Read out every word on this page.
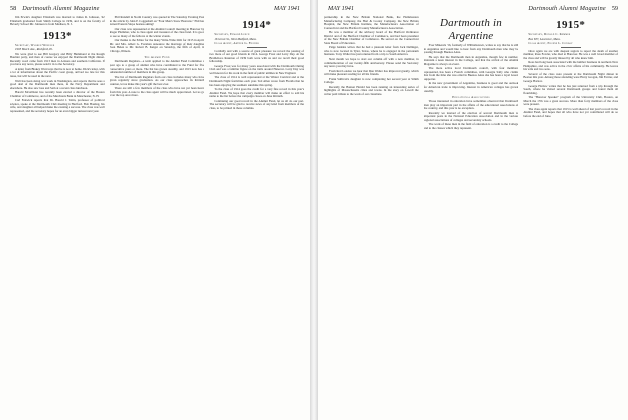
58 Dartmouth Alumni Magazine	MAY 1941

Jim Erwin's daughter Elizabeth was married to James R. Johnson, '42 Elizabeth graduated from Smith College in 1939, and is on the faculty of Beverly School Mr. Johnson is from Madison, N. J.

1913*

Secretary, Warren Wheeler

1903 Beech Ave., Rockford, Ill.

We were glad to see Bill Gregory and Billy Hammond at the Rough Boulder party, and then of course we enjoyed the Dartmouth Night dinner. Recently word came from 1913 men in Arizona and southern California. If you have any news, please send it in to the Secretary.

A letter from Blakey Ward says that he is now at home. Dick's letter, with a lot of information about the Pacific coast group, arrived too late for this issue, but will be used in the next.

Walt has been doing war work in Washington, and reports that he sees a good deal of the Dartmouth men there, in the Navy Department and elsewhere. He also saw Gus and Sam at a recent class luncheon.

Harold McAllister has recently been elected a director of the Boston Chamber of Commerce, and of the Merchants Bank in Manchester, N. H.

Carl Fenwick reports that Dr. Harold J. Tobin, professor of political science, spoke at the Dartmouth Club meeting in Hartford. Bob Hasting, his wife, and daughter all helped make the evening a success. The class was well represented, and the secretary hopes for an even bigger turnout next year.

Phil Randall in North Country was quoted in The Saturday Evening Post in the article by John P. Coggeshall on "Four Men's Snow Heavens." Phil has turned Eastern Slope hostess-skiing!

Our class was represented at the Alumni Council meeting in Hanover by Roger Plummer, who is class agent and treasurer of the class fund. It is good to see so many of the fellows at the winter events.

Our thanks to the Editor for the many Write-Wide-Web for 1915 in April. Mr. and Mrs. Albert G. Forsman announce the marriage of their daughter Joan Helen to Mr. Robert B. Keiger on Saturday, the fifth of April, in Chicago, Illinois.

The Alumni Fund

Dartmouth Regulars—a term applied to the Alumni Fund Committee a year ago to a group of alumni who have contributed to the Fund for five consecutive years or more. The list has grown steadily, and 1913 now has a substantial number of members in this group.

The list of Dartmouth Regulars from our class includes many who have given regularly since graduation. As our class approaches its thirtieth reunion, let us make this year's gift the best ever.

There are still a few members of the class who have not yet been heard from this year. A note to the class agent will be much appreciated. Let us go over the top once more.

1914*

Secretary, Edward Leech

16 Grove St., West Medford, Mass.

Class Agent, Arthur G. Fiecher

Cordially and with a source of great pleasure we record the passing of two more of our good friends in 1914. George Frost and Larry Day. At the Brattleboro Reunion of 1939 both were with us and we recall their good fellowship.

George Frost was for many years associated with the Dartmouth Outing Club and was a familiar figure on the trails around Hanover. Larry Day was well known for his work in the field of public utilities in New England.

The class of 1914 is well represented at the Winter Carnival and at the Dartmouth Night festivities each year. Ted Allen wrote from Florida that he has been enjoying the southern sunshine this spring.

To the class of 1914 goes the credit for a very fine record in this year's Alumni Fund. We hope that every member will make an effort to add his name to the list before the campaign closes on June thirtieth.

Continuing our good record in the Alumni Fund, let us all do our part. The secretary will be glad to receive news of any kind from members of the class, to be printed in these columns.

MAY 1941	Dartmouth Alumni Magazine 59

partnership in the New Britain National Bank, the Hammonton Manufacturing Company, the Hart & Cooley Company, the New Britain Hospital, the New Britain Institute, the Manufacturers Association of Connecticut and the Hartford County Manufacturers Association.

He was a member of the advisory board of the Hartford Ordinance District and of the Hartford Chamber of Commerce, and had been president of the New Britain Chamber of Commerce. He served on the Connecticut State Board of Education.

Paige Jenkins writes that he had a pleasant letter from Jack Dellinger, who is now located in Tyler, Texas, where he is engaged in the petroleum business. Tony Walter has just returned from a trip to South America.

Next month we hope to start our column off with a new member, in commemoration of our twenty-fifth anniversary. Please send the Secretary any news you may have.

From Red London we hear that Dan Walter has improved greatly, which will make pleasant reading for all his friends.

Frank Sullivan's daughter is now completing her second year at Smith College.

Recently the Banner Herald has been running an interesting series of highlights of Massachusetts cities and towns. In the story on Lowell the writer paid tribute to the work of our classmate.

Dartmouth in Argentine

Ever Minerals '16, formerly of Williamstown, writes to say that he is still in Argentina and would like to hear from any Dartmouth men who may be passing through Buenos Aires.

He says that the Dartmouth men in Argentina, though few in number, maintain a keen interest in the College, and that the arrival of the Alumni Magazine is always an event.

The more active local Dartmouth council, with four members represented, has been a French committee, with Georgia Sally who claims that from the time she was oiled in Buenos Aires she has been a loyal Green supporter.

In the new government of Argentina, business is good and the outlook for American trade is improving. Interest in American colleges has grown steadily.

Educational Associations

Those interested in education have sometimes observed that Dartmouth men play an important part in the affairs of the educational associations of the country, and this year is no exception.

Recently we learned of the election of several Dartmouth men to important posts in the National Education Association and in the various regional associations of colleges and secondary schools.

The work of these men in the field of education is a credit to the College and to the classes which they represent.

1915*

Secretary, Donald C. Kemmer

Box 637, Lawrence, Mass.

Class Agent, Eugene L. Conway

Once again we are with deepest regrets to report the death of another member, Ross Fowler, who died at Hanover. He was a well loved member of the class and will be greatly missed by all who knew him.

Ross had long been associated with the lumber business in northern New Hampshire, and was active in the civic affairs of his community. He leaves his wife and two sons.

Several of the class were present at the Dartmouth Night dinner in Boston this year. Among those attending were Harry Grogan, Jim Ferrier, and George Harlow.

George Harlow writes that he has just returned from a trip through the South, where he visited several Dartmouth groups and found them all flourishing.

The "Hanover Speaker" program of the University Club, Boston, on March the 17th was a great success. More than forty members of the class were present.

The class agent reports that 1915 is well ahead of last year's record in the Alumni Fund, and hopes that all who have not yet contributed will do so before the end of June.
